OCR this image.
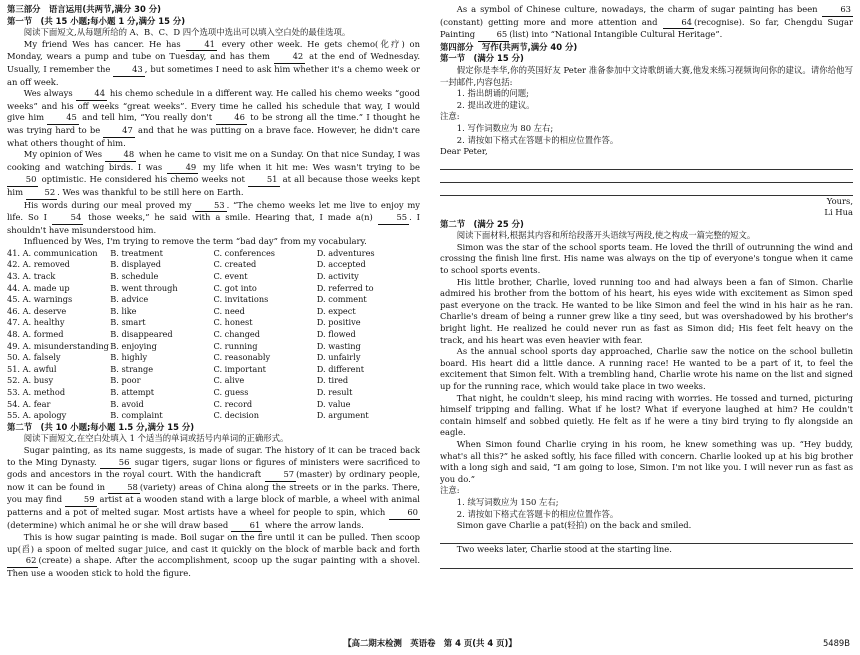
第三部分　语言运用(共两节,满分 30 分)
第一节　(共 15 小题;每小题 1 分,满分 15 分)

阅读下面短文,从每题所给的 A、B、C、D 四个选项中选出可以填入空白处的最佳选项。

My friend Wes has cancer. He has 41 every other week. He gets chemo(化疗) on Monday, wears a pump and tube on Tuesday, and has them 42 at the end of Wednesday. Usually, I remember the 43 , but sometimes I need to ask him whether it's a chemo week or an off week.

Wes always 44 his chemo schedule in a different way. He called his chemo weeks “good weeks” and his off weeks “great weeks”. Every time he called his schedule that way, I would give him 45 and tell him, “You really don't 46 to be strong all the time.” I thought he was trying hard to be 47 and that he was putting on a brave face. However, he didn't care what others thought of him.

My opinion of Wes 48 when he came to visit me on a Sunday. On that nice Sunday, I was cooking and watching birds. I was 49 my life when it hit me: Wes wasn't trying to be 50 optimistic. He considered his chemo weeks not 51 at all because those weeks kept him 52 . Wes was thankful to be still here on Earth.

His words during our meal proved my 53 . “The chemo weeks let me live to enjoy my life. So I 54 those weeks,” he said with a smile. Hearing that, I made a(n) 55 . I shouldn't have misunderstood him.

Influenced by Wes, I'm trying to remove the term “bad day” from my vocabulary.

41. A. communication	B. treatment	C. conferences	D. adventures
42. A. removed	B. displayed	C. created	D. accepted
43. A. track	B. schedule	C. event	D. activity
44. A. made up	B. went through	C. got into	D. referred to
45. A. warnings	B. advice	C. invitations	D. comment
46. A. deserve	B. like	C. need	D. expect
47. A. healthy	B. smart	C. honest	D. positive
48. A. formed	B. disappeared	C. changed	D. flowed
49. A. misunderstanding	B. enjoying	C. running	D. wasting
50. A. falsely	B. highly	C. reasonably	D. unfairly
51. A. awful	B. strange	C. important	D. different
52. A. busy	B. poor	C. alive	D. tired
53. A. method	B. attempt	C. guess	D. result
54. A. fear	B. avoid	C. record	D. value
55. A. apology	B. complaint	C. decision	D. argument
第二节　(共 10 小题;每小题 1.5 分,满分 15 分)

阅读下面短文,在空白处填入 1 个适当的单词或括号内单词的正确形式。

Sugar painting, as its name suggests, is made of sugar. The history of it can be traced back to the Ming Dynasty. 56 sugar tigers, sugar lions or figures of ministers were sacrificed to gods and ancestors in the royal court. With the handicraft 57 (master) by ordinary people, now it can be found in 58 (variety) areas of China along the streets or in the parks. There, you may find 59 artist at a wooden stand with a large block of marble, a wheel with animal patterns and a pot of melted sugar. Most artists have a wheel for people to spin, which 60(determine) which animal he or she will draw based 61 where the arrow lands.

This is how sugar painting is made. Boil sugar on the fire until it can be pulled. Then scoop up(舀) a spoon of melted sugar juice, and cast it quickly on the block of marble back and forth 62 (create) a shape. After the accomplishment, scoop up the sugar painting with a shovel. Then use a wooden stick to hold the figure.

As a symbol of Chinese culture, nowadays, the charm of sugar painting has been 63(constant) getting more and more attention and 64 (recognise). So far, Chengdu Sugar Painting 65 (list) into “National Intangible Cultural Heritage”.

第四部分　写作(共两节,满分 40 分)
第一节　(满分 15 分)

假定你是李华,你的英国好友 Peter 准备参加中文诗歌朗诵大赛,他发来练习视频询问你的建议。请你给他写一封邮件,内容包括:

1. 指出朗诵的问题;

2. 提出改进的建议。

注意:

1. 写作词数应为 80 左右;

2. 请按如下格式在答题卡的相应位置作答。

Dear Peter,

Yours,

Li Hua

第二节　(满分 25 分)

阅读下面材料,根据其内容和所给段落开头语续写两段,使之构成一篇完整的短文。

Simon was the star of the school sports team. He loved the thrill of outrunning the wind and crossing the finish line first. His name was always on the tip of everyone's tongue when it came to school sports events.

His little brother, Charlie, loved running too and had always been a fan of Simon. Charlie admired his brother from the bottom of his heart, his eyes wide with excitement as Simon sped past everyone on the track. He wanted to be like Simon and feel the wind in his hair as he ran. Charlie's dream of being a runner grew like a tiny seed, but was overshadowed by his brother's bright light. He realized he could never run as fast as Simon did; His feet felt heavy on the track, and his heart was even heavier with fear.

As the annual school sports day approached, Charlie saw the notice on the school bulletin board. His heart did a little dance. A running race! He wanted to be a part of it, to feel the excitement that Simon felt. With a trembling hand, Charlie wrote his name on the list and signed up for the running race, which would take place in two weeks.

That night, he couldn't sleep, his mind racing with worries. He tossed and turned, picturing himself tripping and falling. What if he lost? What if everyone laughed at him? He couldn't contain himself and sobbed quietly. He felt as if he were a tiny bird trying to fly alongside an eagle.

When Simon found Charlie crying in his room, he knew something was up. “Hey buddy, what's all this?” he asked softly, his face filled with concern. Charlie looked up at his big brother with a long sigh and said, “I am going to lose, Simon. I'm not like you. I will never run as fast as you do.”

注意:

1. 续写词数应为 150 左右;

2. 请按如下格式在答题卡的相应位置作答。

Simon gave Charlie a pat(轻拍) on the back and smiled.

Two weeks later, Charlie stood at the starting line.

【高二期末检测　英语卷　第 4 页(共 4 页)】	5489B
